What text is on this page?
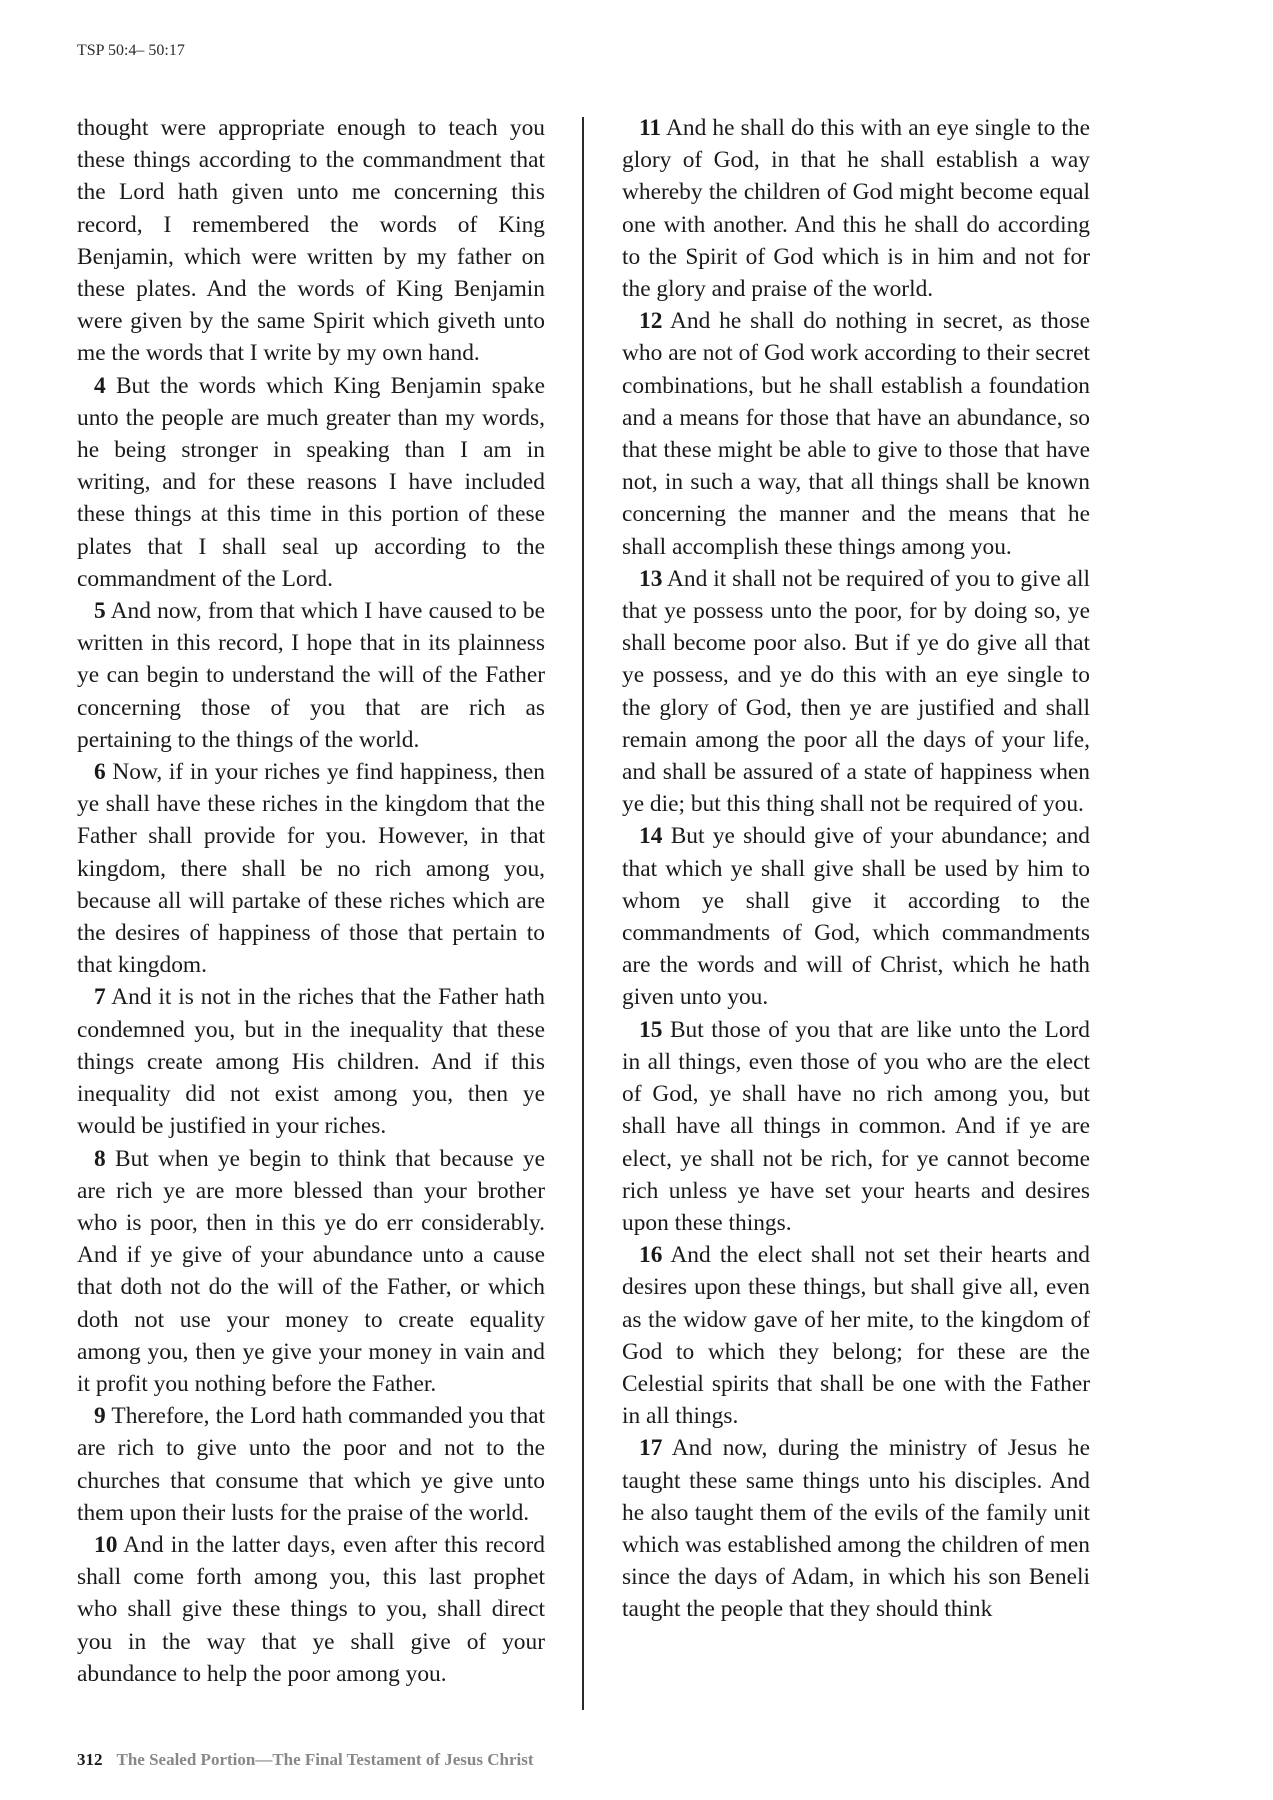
TSP 50:4– 50:17

thought were appropriate enough to teach you these things according to the commandment that the Lord hath given unto me concerning this record, I remembered the words of King Benjamin, which were written by my father on these plates. And the words of King Benjamin were given by the same Spirit which giveth unto me the words that I write by my own hand.

4 But the words which King Benjamin spake unto the people are much greater than my words, he being stronger in speaking than I am in writing, and for these reasons I have included these things at this time in this portion of these plates that I shall seal up according to the commandment of the Lord.

5 And now, from that which I have caused to be written in this record, I hope that in its plainness ye can begin to understand the will of the Father concerning those of you that are rich as pertaining to the things of the world.

6 Now, if in your riches ye find happiness, then ye shall have these riches in the kingdom that the Father shall provide for you. However, in that kingdom, there shall be no rich among you, because all will partake of these riches which are the desires of happiness of those that pertain to that kingdom.

7 And it is not in the riches that the Father hath condemned you, but in the inequality that these things create among His children. And if this inequality did not exist among you, then ye would be justified in your riches.

8 But when ye begin to think that because ye are rich ye are more blessed than your brother who is poor, then in this ye do err considerably. And if ye give of your abundance unto a cause that doth not do the will of the Father, or which doth not use your money to create equality among you, then ye give your money in vain and it profit you nothing before the Father.

9 Therefore, the Lord hath commanded you that are rich to give unto the poor and not to the churches that consume that which ye give unto them upon their lusts for the praise of the world.

10 And in the latter days, even after this record shall come forth among you, this last prophet who shall give these things to you, shall direct you in the way that ye shall give of your abundance to help the poor among you.

11 And he shall do this with an eye single to the glory of God, in that he shall establish a way whereby the children of God might become equal one with another. And this he shall do according to the Spirit of God which is in him and not for the glory and praise of the world.

12 And he shall do nothing in secret, as those who are not of God work according to their secret combinations, but he shall establish a foundation and a means for those that have an abundance, so that these might be able to give to those that have not, in such a way, that all things shall be known concerning the manner and the means that he shall accomplish these things among you.

13 And it shall not be required of you to give all that ye possess unto the poor, for by doing so, ye shall become poor also. But if ye do give all that ye possess, and ye do this with an eye single to the glory of God, then ye are justified and shall remain among the poor all the days of your life, and shall be assured of a state of happiness when ye die; but this thing shall not be required of you.

14 But ye should give of your abundance; and that which ye shall give shall be used by him to whom ye shall give it according to the commandments of God, which commandments are the words and will of Christ, which he hath given unto you.

15 But those of you that are like unto the Lord in all things, even those of you who are the elect of God, ye shall have no rich among you, but shall have all things in common. And if ye are elect, ye shall not be rich, for ye cannot become rich unless ye have set your hearts and desires upon these things.

16 And the elect shall not set their hearts and desires upon these things, but shall give all, even as the widow gave of her mite, to the kingdom of God to which they belong; for these are the Celestial spirits that shall be one with the Father in all things.

17 And now, during the ministry of Jesus he taught these same things unto his disciples. And he also taught them of the evils of the family unit which was established among the children of men since the days of Adam, in which his son Beneli taught the people that they should think

312 The Sealed Portion—The Final Testament of Jesus Christ
